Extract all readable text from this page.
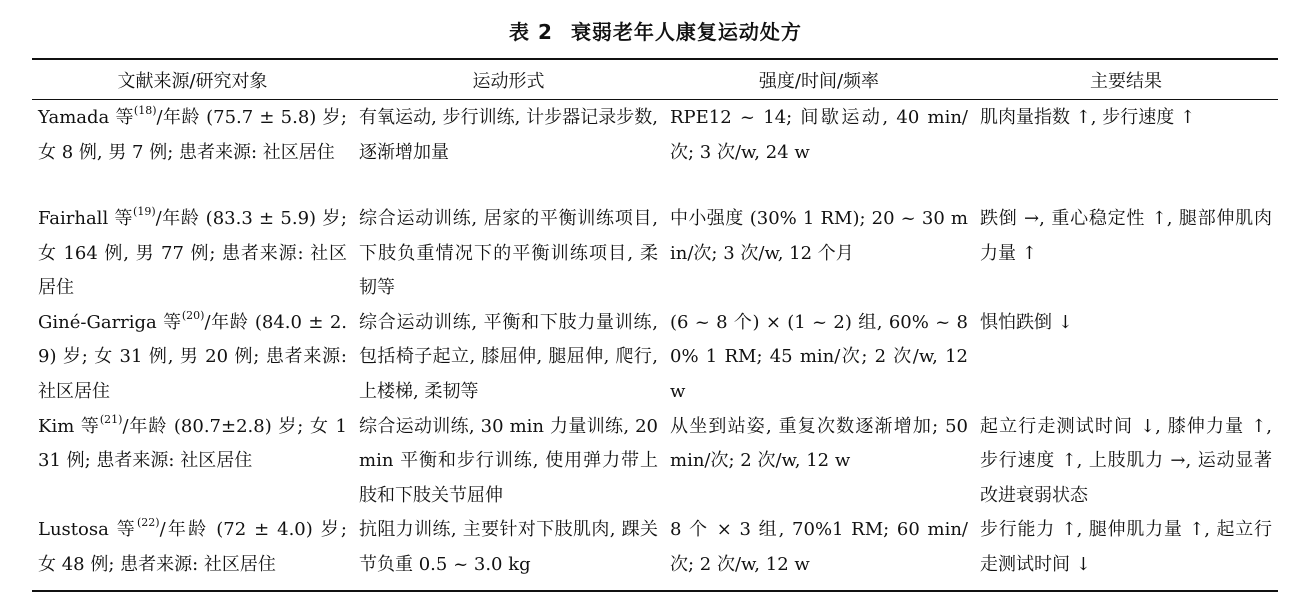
表 2 衰弱老年人康复运动处方
文献来源/研究对象	运动形式	强度/时间/频率	主要结果
Yamada 等$^{(18)}$/年龄 (75.7 ± 5.8) 岁; 女 8 例, 男 7 例; 患者来源: 社区居住	有氧运动, 步行训练, 计步器记录步数, 逐渐增加量	RPE12 ~ 14; 间歇运动, 40 min/次; 3 次/w, 24 w	肌肉量指数 ↑, 步行速度 ↑
Fairhall 等$^{(19)}$/年龄 (83.3 ± 5.9) 岁; 女 164 例, 男 77 例; 患者来源: 社区居住	综合运动训练, 居家的平衡训练项目, 下肢负重情况下的平衡训练项目, 柔韧等	中小强度 (30% 1 RM); 20 ~ 30 min/次; 3 次/w, 12 个月	跌倒 →, 重心稳定性 ↑, 腿部伸肌肉力量 ↑
Giné-Garriga 等$^{(20)}$/年龄 (84.0 ± 2.9) 岁; 女 31 例, 男 20 例; 患者来源: 社区居住	综合运动训练, 平衡和下肢力量训练, 包括椅子起立, 膝屈伸, 腿屈伸, 爬行, 上楼梯, 柔韧等	(6 ~ 8 个) × (1 ~ 2) 组, 60% ~ 80% 1 RM; 45 min/次; 2 次/w, 12 w	惧怕跌倒 ↓
Kim 等$^{(21)}$/年龄 (80.7±2.8) 岁; 女 131 例; 患者来源: 社区居住	综合运动训练, 30 min 力量训练, 20 min 平衡和步行训练, 使用弹力带上肢和下肢关节屈伸	从坐到站姿, 重复次数逐渐增加; 50 min/次; 2 次/w, 12 w	起立行走测试时间 ↓, 膝伸力量 ↑, 步行速度 ↑, 上肢肌力 →, 运动显著改进衰弱状态
Lustosa 等$^{(22)}$/年龄 (72 ± 4.0) 岁; 女 48 例; 患者来源: 社区居住	抗阻力训练, 主要针对下肢肌肉, 踝关节负重 0.5 ~ 3.0 kg	8 个 × 3 组, 70%1 RM; 60 min/次; 2 次/w, 12 w	步行能力 ↑, 腿伸肌力量 ↑, 起立行走测试时间 ↓
